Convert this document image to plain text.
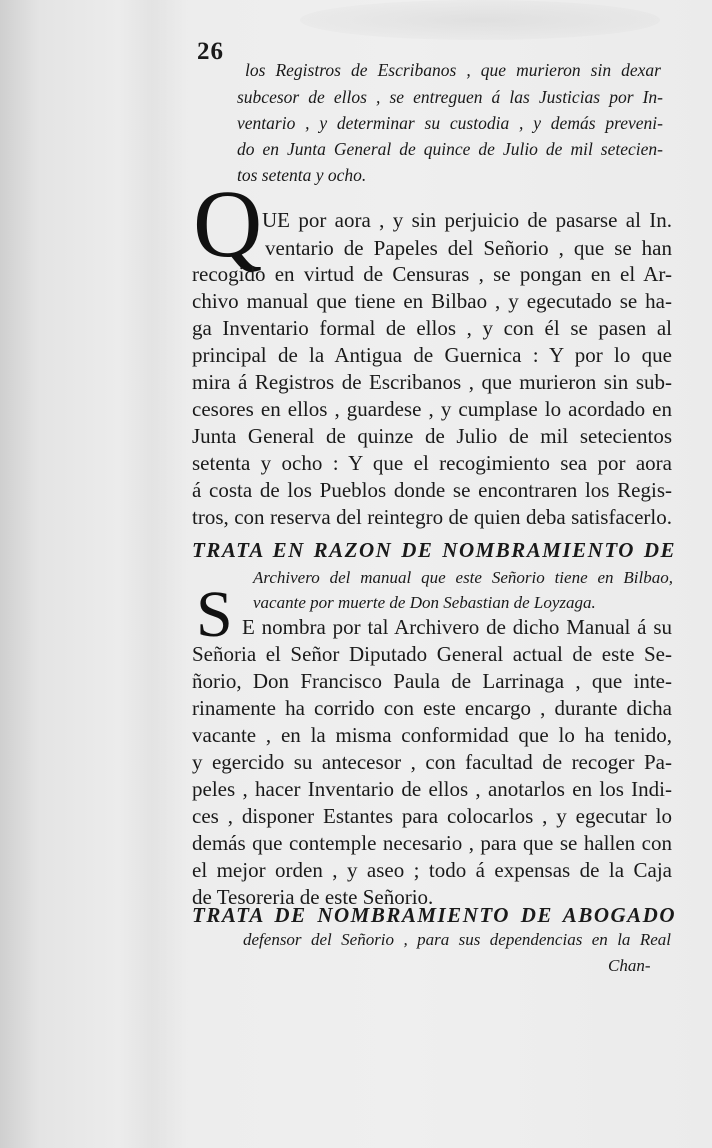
26
los Registros de Escribanos , que murieron sin dexar
subcesor de ellos , se entreguen á las Justicias por In-
ventario , y determinar su custodia , y demás preveni-
do en Junta General de quince de Julio de mil setecien-
tos setenta y ocho.
Q UE por aora , y sin perjuicio de pasarse al In.
ventario de Papeles del Señorio , que se han
recogido en virtud de Censuras , se pongan en el Ar-
chivo manual que tiene en Bilbao , y egecutado se ha-
ga Inventario formal de ellos , y con él se pasen al
principal de la Antigua de Guernica : Y por lo que
mira á Registros de Escribanos , que murieron sin sub-
cesores en ellos , guardese , y cumplase lo acordado en
Junta General de quinze de Julio de mil setecientos
setenta y ocho : Y que el recogimiento sea por aora
á costa de los Pueblos donde se encontraren los Regis-
tros, con reserva del reintegro de quien deba satisfacerlo.
TRATA EN RAZON DE NOMBRAMIENTO DE
Archivero del manual que este Señorio tiene en Bilbao,
vacante por muerte de Don Sebastian de Loyzaga.
S E nombra por tal Archivero de dicho Manual á su
Señoria el Señor Diputado General actual de este Se-
ñorio, Don Francisco Paula de Larrinaga , que inte-
rinamente ha corrido con este encargo , durante dicha
vacante , en la misma conformidad que lo ha tenido,
y egercido su antecesor , con facultad de recoger Pa-
peles , hacer Inventario de ellos , anotarlos en los Indi-
ces , disponer Estantes para colocarlos , y egecutar lo
demás que contemple necesario , para que se hallen con
el mejor orden , y aseo ; todo á expensas de la Caja
de Tesoreria de este Señorio.
TRATA DE NOMBRAMIENTO DE ABOGADO
defensor del Señorio , para sus dependencias en la Real
Chan-
